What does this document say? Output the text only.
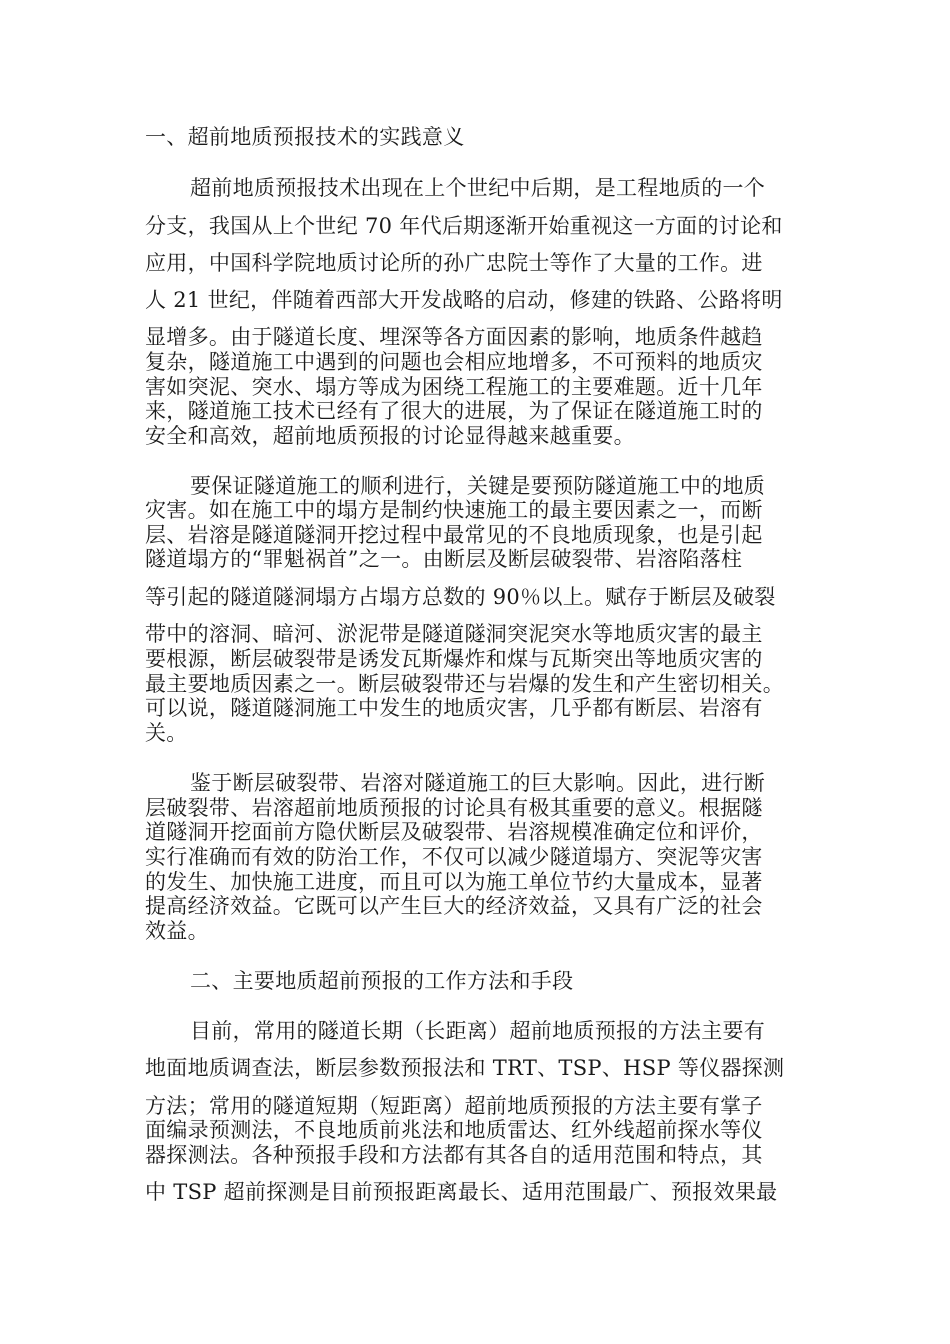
一、超前地质预报技术的实践意义
超前地质预报技术出现在上个世纪中后期，是工程地质的一个
分支，我国从上个世纪 70 年代后期逐渐开始重视这一方面的讨论和
应用，中国科学院地质讨论所的孙广忠院士等作了大量的工作。进
人 21 世纪，伴随着西部大开发战略的启动，修建的铁路、公路将明
显增多。由于隧道长度、埋深等各方面因素的影响，地质条件越趋
复杂，隧道施工中遇到的问题也会相应地增多，不可预料的地质灾
害如突泥、突水、塌方等成为困绕工程施工的主要难题。近十几年
来，隧道施工技术已经有了很大的进展，为了保证在隧道施工时的
安全和高效，超前地质预报的讨论显得越来越重要。
要保证隧道施工的顺利进行，关键是要预防隧道施工中的地质
灾害。如在施工中的塌方是制约快速施工的最主要因素之一，而断
层、岩溶是隧道隧洞开挖过程中最常见的不良地质现象，也是引起
隧道塌方的“罪魁祸首”之一。由断层及断层破裂带、岩溶陷落柱
等引起的隧道隧洞塌方占塌方总数的 90％以上。赋存于断层及破裂
带中的溶洞、暗河、淤泥带是隧道隧洞突泥突水等地质灾害的最主
要根源，断层破裂带是诱发瓦斯爆炸和煤与瓦斯突出等地质灾害的
最主要地质因素之一。断层破裂带还与岩爆的发生和产生密切相关。
可以说，隧道隧洞施工中发生的地质灾害，几乎都有断层、岩溶有
关。
鉴于断层破裂带、岩溶对隧道施工的巨大影响。因此，进行断
层破裂带、岩溶超前地质预报的讨论具有极其重要的意义。根据隧
道隧洞开挖面前方隐伏断层及破裂带、岩溶规模准确定位和评价，
实行准确而有效的防治工作，不仅可以减少隧道塌方、突泥等灾害
的发生、加快施工进度，而且可以为施工单位节约大量成本，显著
提高经济效益。它既可以产生巨大的经济效益，又具有广泛的社会
效益。
二、主要地质超前预报的工作方法和手段
目前，常用的隧道长期（长距离）超前地质预报的方法主要有
地面地质调查法，断层参数预报法和 TRT、TSP、HSP 等仪器探测
方法；常用的隧道短期（短距离）超前地质预报的方法主要有掌子
面编录预测法，不良地质前兆法和地质雷达、红外线超前探水等仪
器探测法。各种预报手段和方法都有其各自的适用范围和特点，其
中 TSP 超前探测是目前预报距离最长、适用范围最广、预报效果最
